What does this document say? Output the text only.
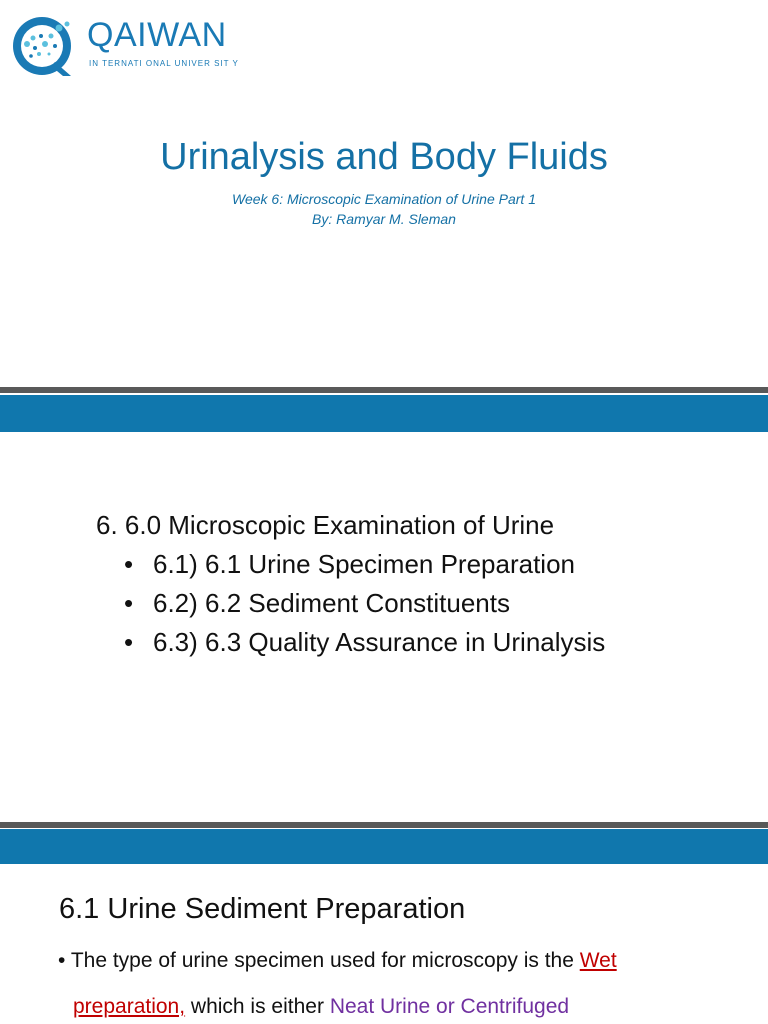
QAIWAN
IN TERNATI ONAL UNIVER SIT Y
Urinalysis and Body Fluids
Week 6: Microscopic Examination of Urine Part 1
By: Ramyar M. Sleman
6. 6.0 Microscopic Examination of Urine
• 6.1) 6.1 Urine Specimen Preparation
• 6.2) 6.2 Sediment Constituents
• 6.3) 6.3 Quality Assurance in Urinalysis
6.1 Urine Sediment Preparation
• The type of urine specimen used for microscopy is the Wet
preparation, which is either Neat Urine or Centrifuged
